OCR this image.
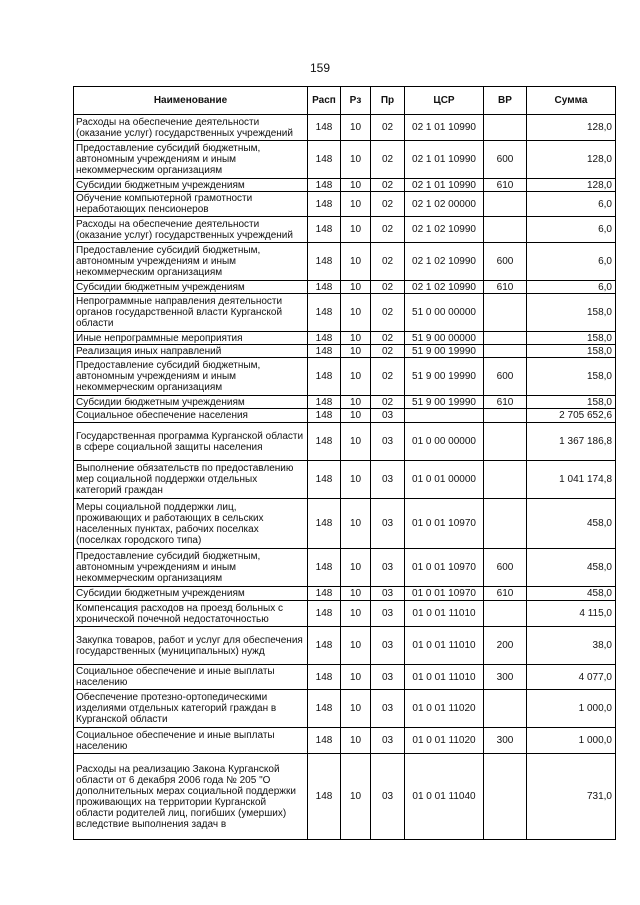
159
Наименование	Расп	Рз	Пр	ЦСР	ВР	Сумма
Расходы на обеспечение деятельности (оказание услуг) государственных учреждений	148	10	02	02 1 01 10990		128,0
Предоставление субсидий бюджетным, автономным учреждениям и иным некоммерческим организациям	148	10	02	02 1 01 10990	600	128,0
Субсидии бюджетным учреждениям	148	10	02	02 1 01 10990	610	128,0
Обучение компьютерной грамотности неработающих пенсионеров	148	10	02	02 1 02 00000		6,0
Расходы на обеспечение деятельности (оказание услуг) государственных учреждений	148	10	02	02 1 02 10990		6,0
Предоставление субсидий бюджетным, автономным учреждениям и иным некоммерческим организациям	148	10	02	02 1 02 10990	600	6,0
Субсидии бюджетным учреждениям	148	10	02	02 1 02 10990	610	6,0
Непрограммные направления деятельности органов государственной власти Курганской области	148	10	02	51 0 00 00000		158,0
Иные непрограммные мероприятия	148	10	02	51 9 00 00000		158,0
Реализация иных направлений	148	10	02	51 9 00 19990		158,0
Предоставление субсидий бюджетным, автономным учреждениям и иным некоммерческим организациям	148	10	02	51 9 00 19990	600	158,0
Субсидии бюджетным учреждениям	148	10	02	51 9 00 19990	610	158,0
Социальное обеспечение населения	148	10	03			2 705 652,6
Государственная программа Курганской области в сфере социальной защиты населения	148	10	03	01 0 00 00000		1 367 186,8
Выполнение обязательств по предоставлению мер социальной поддержки отдельных категорий граждан	148	10	03	01 0 01 00000		1 041 174,8
Меры социальной поддержки лиц, проживающих и работающих в сельских населенных пунктах, рабочих поселках (поселках городского типа)	148	10	03	01 0 01 10970		458,0
Предоставление субсидий бюджетным, автономным учреждениям и иным некоммерческим организациям	148	10	03	01 0 01 10970	600	458,0
Субсидии бюджетным учреждениям	148	10	03	01 0 01 10970	610	458,0
Компенсация расходов на проезд больных с хронической почечной недостаточностью	148	10	03	01 0 01 11010		4 115,0
Закупка товаров, работ и услуг для обеспечения государственных (муниципальных) нужд	148	10	03	01 0 01 11010	200	38,0
Социальное обеспечение и иные выплаты населению	148	10	03	01 0 01 11010	300	4 077,0
Обеспечение протезно-ортопедическими изделиями отдельных категорий граждан в Курганской области	148	10	03	01 0 01 11020		1 000,0
Социальное обеспечение и иные выплаты населению	148	10	03	01 0 01 11020	300	1 000,0
Расходы на реализацию Закона Курганской области от 6 декабря 2006 года № 205 "О дополнительных мерах социальной поддержки проживающих на территории Курганской области родителей лиц, погибших (умерших) вследствие выполнения задач в	148	10	03	01 0 01 11040		731,0
